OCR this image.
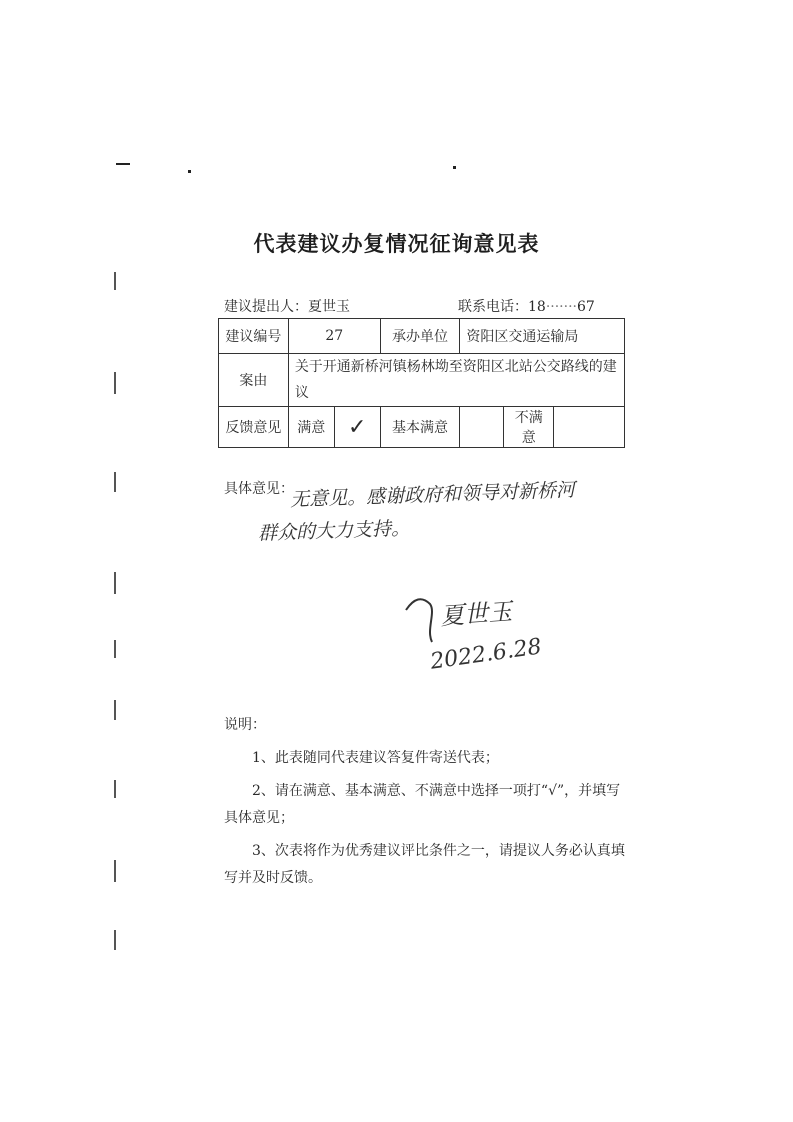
代表建议办复情况征询意见表
建议提出人：夏世玉	联系电话：18·······67
建议编号	27		承办单位	资阳区交通运输局		
案由	关于开通新桥河镇杨林坳至资阳区北站公交路线的建议					
反馈意见	满意	✓	基本满意		不满意	
具体意见：
无意见。感谢政府和领导对新桥河
群众的大力支持。
夏世玉
2022.6.28

说明：

1、此表随同代表建议答复件寄送代表；

2、请在满意、基本满意、不满意中选择一项打“√”，并填写具体意见；

3、次表将作为优秀建议评比条件之一，请提议人务必认真填写并及时反馈。
